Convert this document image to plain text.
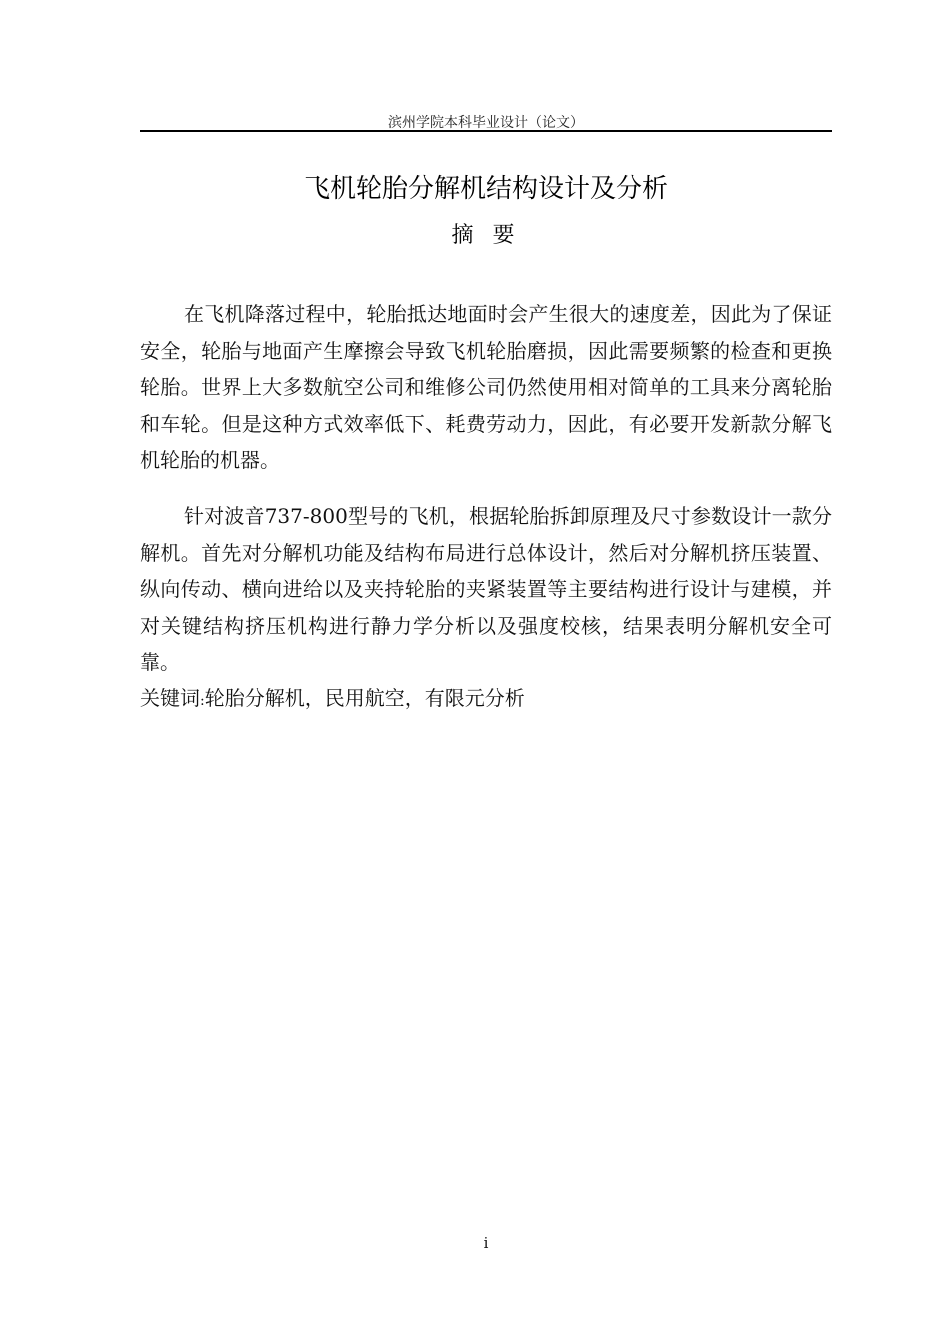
滨州学院本科毕业设计（论文）
飞机轮胎分解机结构设计及分析
摘 要

在飞机降落过程中，轮胎抵达地面时会产生很大的速度差，因此为了保证安全，轮胎与地面产生摩擦会导致飞机轮胎磨损，因此需要频繁的检查和更换轮胎。世界上大多数航空公司和维修公司仍然使用相对简单的工具来分离轮胎和车轮。但是这种方式效率低下、耗费劳动力，因此，有必要开发新款分解飞机轮胎的机器。

针对波音737-800型号的飞机，根据轮胎拆卸原理及尺寸参数设计一款分解机。首先对分解机功能及结构布局进行总体设计，然后对分解机挤压装置、纵向传动、横向进给以及夹持轮胎的夹紧装置等主要结构进行设计与建模，并对关键结构挤压机构进行静力学分析以及强度校核，结果表明分解机安全可靠。

关键词:轮胎分解机，民用航空，有限元分析
i
